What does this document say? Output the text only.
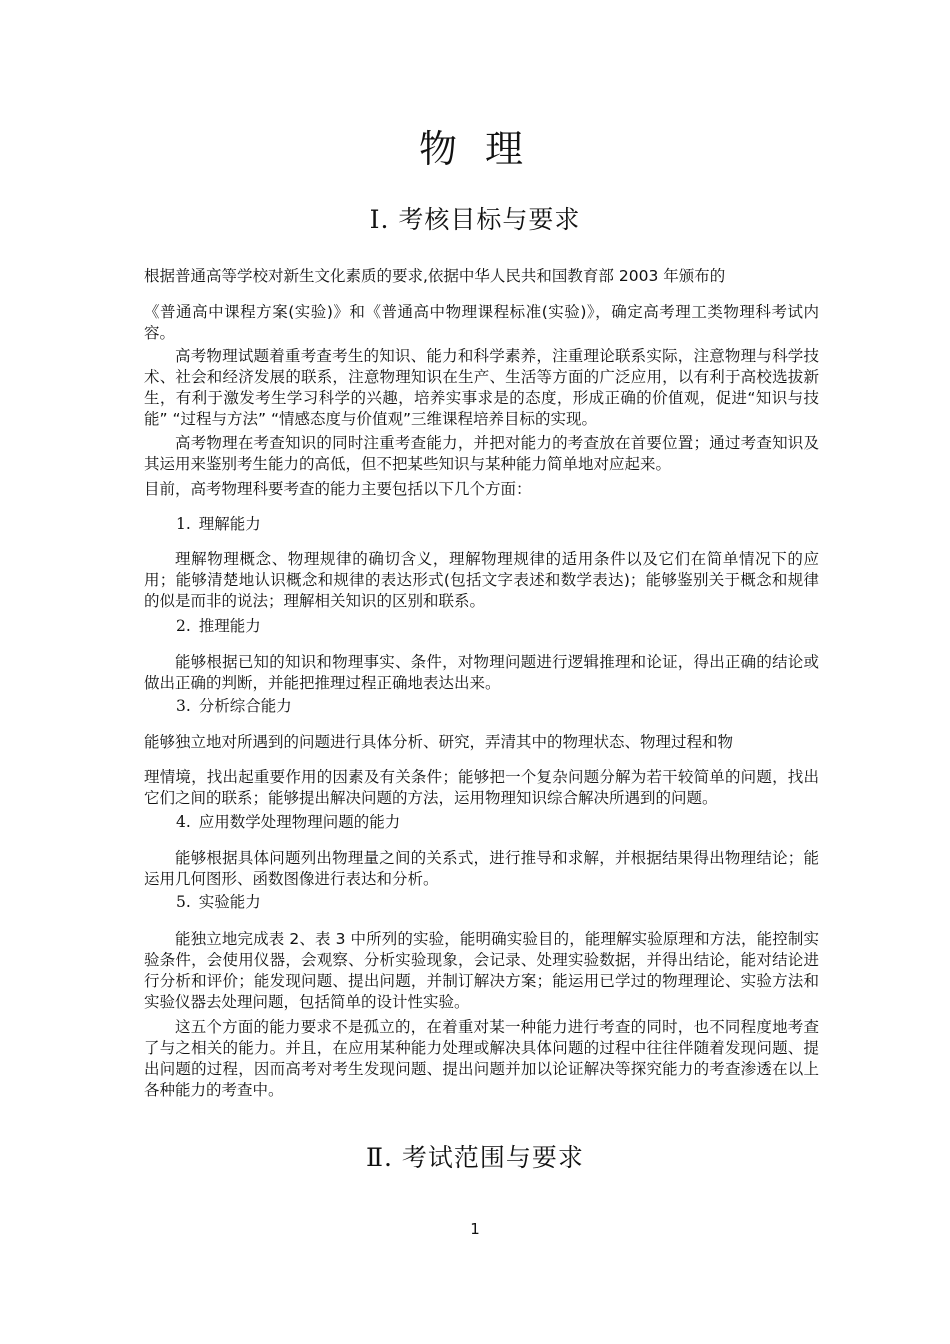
物 理
Ⅰ. 考核目标与要求
根据普通高等学校对新生文化素质的要求,依据中华人民共和国教育部 2003 年颁布的
《普通高中课程方案(实验)》和《普通高中物理课程标准(实验)》，确定高考理工类物理科考试内容。
高考物理试题着重考查考生的知识、能力和科学素养，注重理论联系实际，注意物理与科学技术、社会和经济发展的联系，注意物理知识在生产、生活等方面的广泛应用，以有利于高校选拔新生，有利于激发考生学习科学的兴趣，培养实事求是的态度，形成正确的价值观，促进“知识与技能” “过程与方法” “情感态度与价值观”三维课程培养目标的实现。
高考物理在考查知识的同时注重考查能力，并把对能力的考查放在首要位置；通过考查知识及其运用来鉴别考生能力的高低，但不把某些知识与某种能力简单地对应起来。
目前，高考物理科要考查的能力主要包括以下几个方面：
1. 理解能力
理解物理概念、物理规律的确切含义，理解物理规律的适用条件以及它们在简单情况下的应用；能够清楚地认识概念和规律的表达形式(包括文字表述和数学表达)；能够鉴别关于概念和规律的似是而非的说法；理解相关知识的区别和联系。
2. 推理能力
能够根据已知的知识和物理事实、条件，对物理问题进行逻辑推理和论证，得出正确的结论或做出正确的判断，并能把推理过程正确地表达出来。
3. 分析综合能力
能够独立地对所遇到的问题进行具体分析、研究，弄清其中的物理状态、物理过程和物
理情境，找出起重要作用的因素及有关条件；能够把一个复杂问题分解为若干较简单的问题，找出它们之间的联系；能够提出解决问题的方法，运用物理知识综合解决所遇到的问题。
4. 应用数学处理物理问题的能力
能够根据具体问题列出物理量之间的关系式，进行推导和求解，并根据结果得出物理结论；能运用几何图形、函数图像进行表达和分析。
5. 实验能力
能独立地完成表 2、表 3 中所列的实验，能明确实验目的，能理解实验原理和方法，能控制实验条件，会使用仪器，会观察、分析实验现象，会记录、处理实验数据，并得出结论，能对结论进行分析和评价；能发现问题、提出问题，并制订解决方案；能运用已学过的物理理论、实验方法和实验仪器去处理问题，包括简单的设计性实验。
这五个方面的能力要求不是孤立的，在着重对某一种能力进行考查的同时，也不同程度地考查了与之相关的能力。并且，在应用某种能力处理或解决具体问题的过程中往往伴随着发现问题、提出问题的过程，因而高考对考生发现问题、提出问题并加以论证解决等探究能力的考查渗透在以上各种能力的考查中。
Ⅱ. 考试范围与要求
1
